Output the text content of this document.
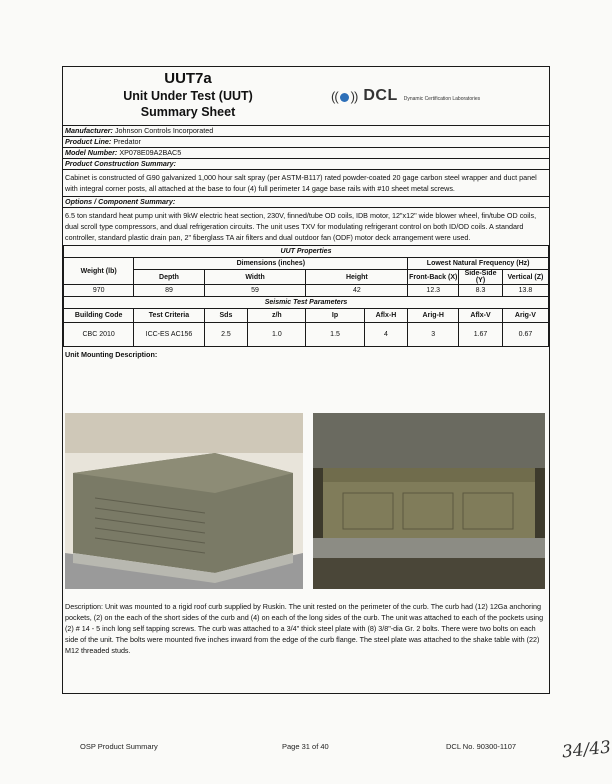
UUT7a
Unit Under Test (UUT)
Summary Sheet
(( )) DCL Dynamic Certification Laboratories
Manufacturer: Johnson Controls Incorporated
Product Line: Predator
Model Number: XP078E09A2BAC5
Product Construction Summary:
Cabinet is constructed of G90 galvanized 1,000 hour salt spray (per ASTM-B117) rated powder-coated 20 gage carbon steel wrapper and duct panel with integral corner posts, all attached at the base to four (4) full perimeter 14 gage base rails with #10 sheet metal screws.
Options / Component Summary:
6.5 ton standard heat pump unit with 9kW electric heat section, 230V, finned/tube OD coils, IDB motor, 12"x12" wide blower wheel, fin/tube OD coils, dual scroll type compressors, and dual refrigeration circuits. The unit uses TXV for modulating refrigerant control on both ID/OD coils. A standard controller, standard plastic drain pan, 2" fiberglass TA air filters and dual outdoor fan (ODF) motor deck arrangement were used.
UUT Properties								
Weight (lb)	Dimensions (inches)					Lowest Natural Frequency (Hz)		
	Depth	Width		Height		Front-Back (X)	Side-Side (Y)	Vertical (Z)
970	89	59		42		12.3	8.3	13.8
Seismic Test Parameters								
Building Code	Test Criteria	Sds	z/h	Ip	Aflx-H	Arig-H	Aflx-V	Arig-V
CBC 2010	ICC-ES AC156	2.5	1.0	1.5	4	3	1.67	0.67
Unit Mounting Description:
Description: Unit was mounted to a rigid roof curb supplied by Ruskin. The unit rested on the perimeter of the curb. The curb had (12) 12Ga anchoring pockets, (2) on the each of the short sides of the curb and (4) on each of the long sides of the curb. The unit was attached to each of the pockets using (2) # 14 - 5 inch long self tapping screws. The curb was attached to a 3/4" thick steel plate with (8) 3/8"-dia Gr. 2 bolts. There were two bolts on each side of the unit. The bolts were mounted five inches inward from the edge of the curb flange. The steel plate was attached to the shake table with (22) M12 threaded studs.
OSP Product Summary	Page 31 of 40	DCL No. 90300-1107	34/43
